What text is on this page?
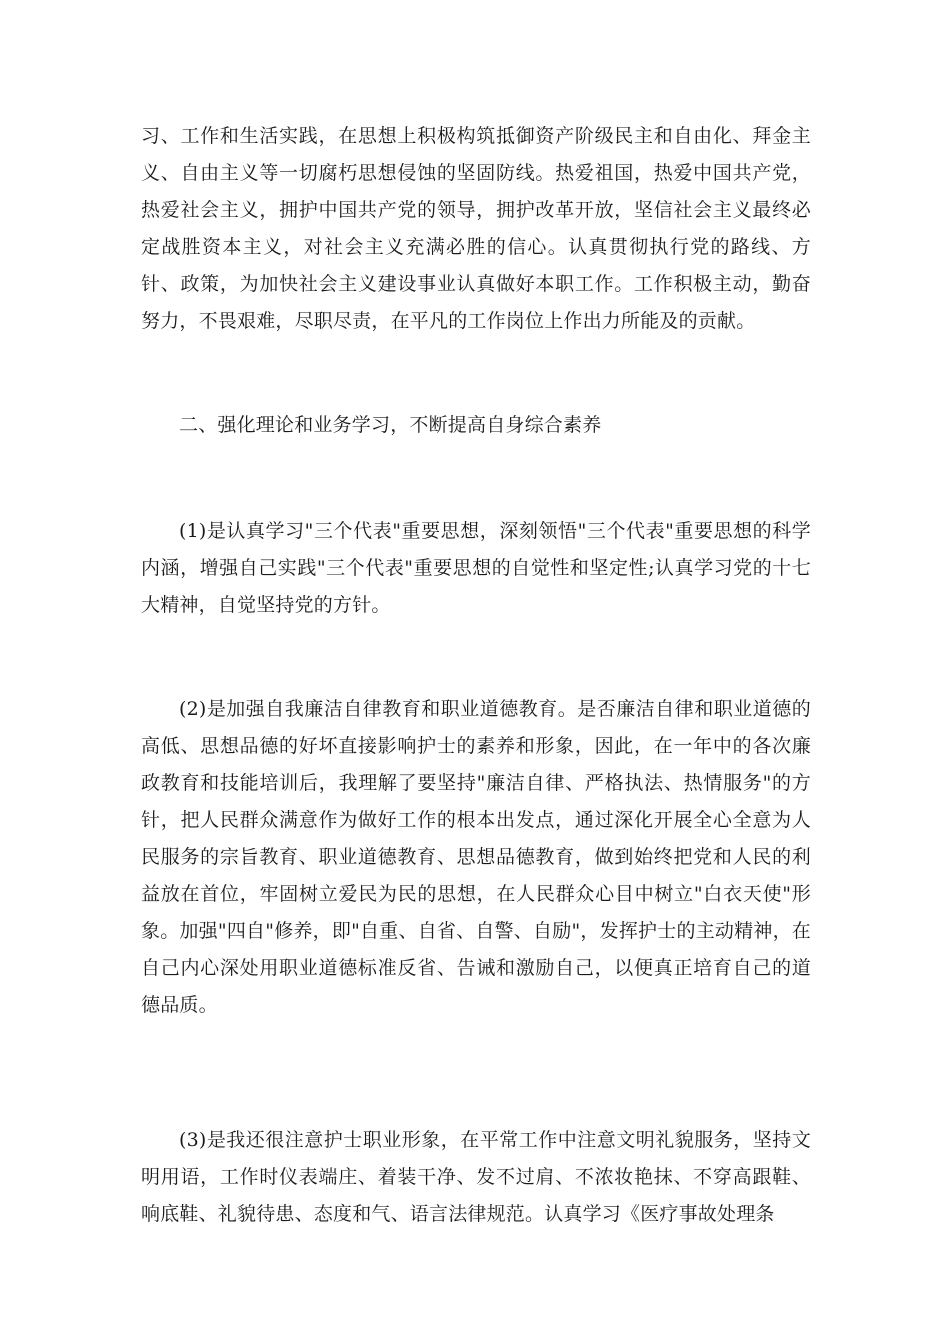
习、工作和生活实践，在思想上积极构筑抵御资产阶级民主和自由化、拜金主义、自由主义等一切腐朽思想侵蚀的坚固防线。热爱祖国，热爱中国共产党，热爱社会主义，拥护中国共产党的领导，拥护改革开放，坚信社会主义最终必定战胜资本主义，对社会主义充满必胜的信心。认真贯彻执行党的路线、方针、政策，为加快社会主义建设事业认真做好本职工作。工作积极主动，勤奋努力，不畏艰难，尽职尽责，在平凡的工作岗位上作出力所能及的贡献。

二、强化理论和业务学习，不断提高自身综合素养

(1)是认真学习"三个代表"重要思想，深刻领悟"三个代表"重要思想的科学内涵，增强自己实践"三个代表"重要思想的自觉性和坚定性;认真学习党的十七大精神，自觉坚持党的方针。

(2)是加强自我廉洁自律教育和职业道德教育。是否廉洁自律和职业道德的高低、思想品德的好坏直接影响护士的素养和形象，因此，在一年中的各次廉政教育和技能培训后，我理解了要坚持"廉洁自律、严格执法、热情服务"的方针，把人民群众满意作为做好工作的根本出发点，通过深化开展全心全意为人民服务的宗旨教育、职业道德教育、思想品德教育，做到始终把党和人民的利益放在首位，牢固树立爱民为民的思想，在人民群众心目中树立"白衣天使"形象。加强"四自"修养，即"自重、自省、自警、自励"，发挥护士的主动精神，在自己内心深处用职业道德标准反省、告诫和激励自己，以便真正培育自己的道德品质。

(3)是我还很注意护士职业形象，在平常工作中注意文明礼貌服务，坚持文明用语，工作时仪表端庄、着装干净、发不过肩、不浓妆艳抹、不穿高跟鞋、响底鞋、礼貌待患、态度和气、语言法律规范。认真学习《医疗事故处理条
